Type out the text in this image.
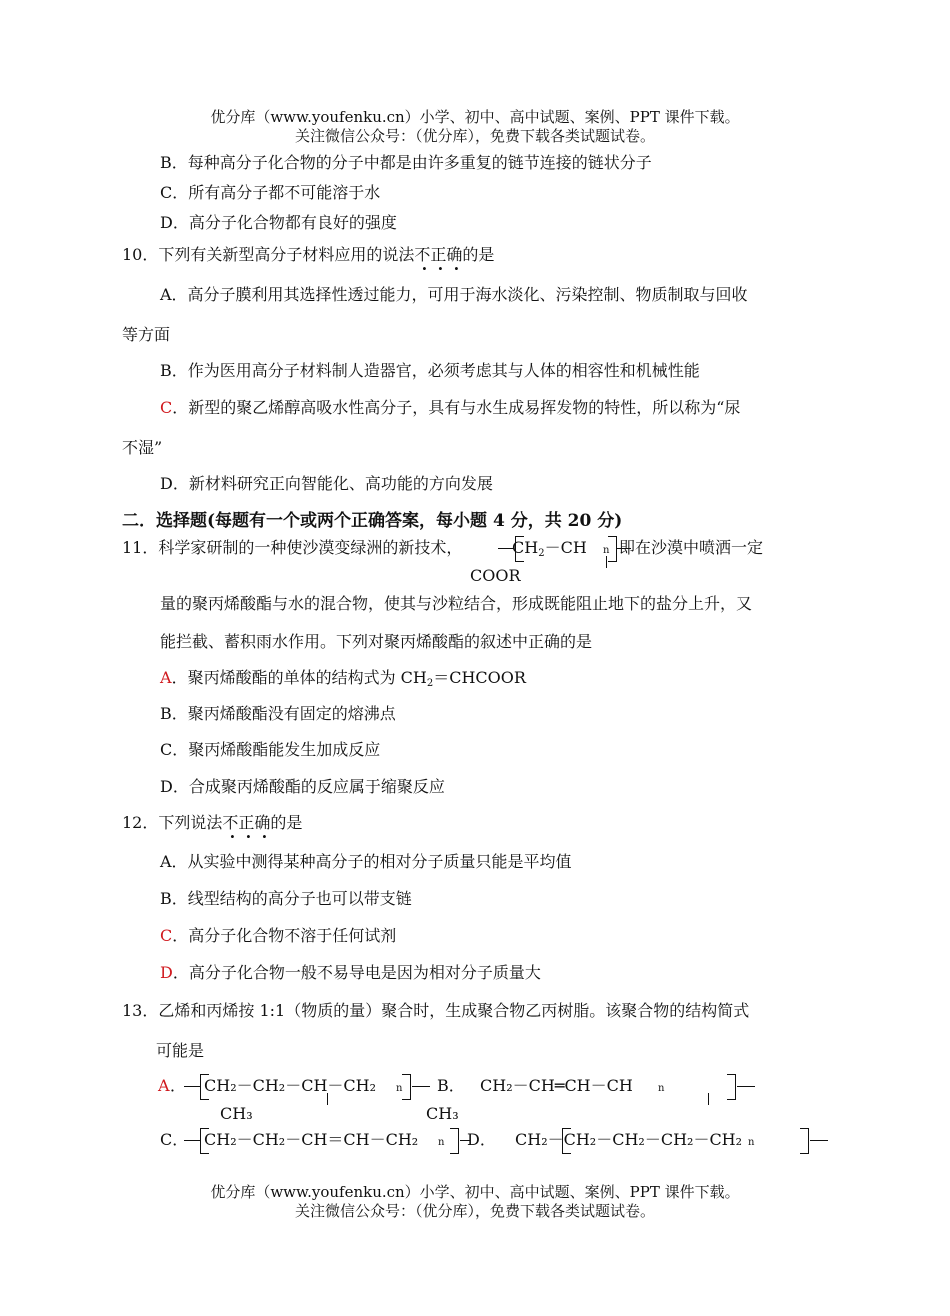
优分库（www.youfenku.cn）小学、初中、高中试题、案例、PPT 课件下载。
关注微信公众号：（优分库），免费下载各类试题试卷。
B．每种高分子化合物的分子中都是由许多重复的链节连接的链状分子
C．所有高分子都不可能溶于水
D．高分子化合物都有良好的强度
10．下列有关新型高分子材料应用的说法不正确的是
A．高分子膜利用其选择性透过能力，可用于海水淡化、污染控制、物质制取与回收
等方面
B．作为医用高分子材料制人造器官，必须考虑其与人体的相容性和机械性能
C．新型的聚乙烯醇高吸水性高分子，具有与水生成易挥发物的特性，所以称为“尿
不湿”
D．新材料研究正向智能化、高功能的方向发展
二．选择题(每题有一个或两个正确答案，每小题 4 分，共 20 分)
11．科学家研制的一种使沙漠变绿洲的新技术，	$CH_2-CH$ n 即在沙漠中喷洒一定
COOR
量的聚丙烯酸酯与水的混合物，使其与沙粒结合，形成既能阻止地下的盐分上升，又
能拦截、蓄积雨水作用。下列对聚丙烯酸酯的叙述中正确的是
A．聚丙烯酸酯的单体的结构式为 $CH_2=CHCOOR$
B．聚丙烯酸酯没有固定的熔沸点
C．聚丙烯酸酯能发生加成反应
D．合成聚丙烯酸酯的反应属于缩聚反应
12．下列说法不正确的是
A．从实验中测得某种高分子的相对分子质量只能是平均值
B．线型结构的高分子也可以带支链
C．高分子化合物不溶于任何试剂
D．高分子化合物一般不易导电是因为相对分子质量大
13．乙烯和丙烯按 1:1（物质的量）聚合时，生成聚合物乙丙树脂。该聚合物的结构简式
可能是
A ． CH₂－CH₂－CH－CH₂ n
CH₃
B． CH₂－CH═CH－CH	n
CH₃
C． CH₂－CH₂－CH＝CH－CH₂ n D． CH₂－CH₂－CH₂－CH₂－CH₂ n
优分库（www.youfenku.cn）小学、初中、高中试题、案例、PPT 课件下载。
关注微信公众号：（优分库），免费下载各类试题试卷。
